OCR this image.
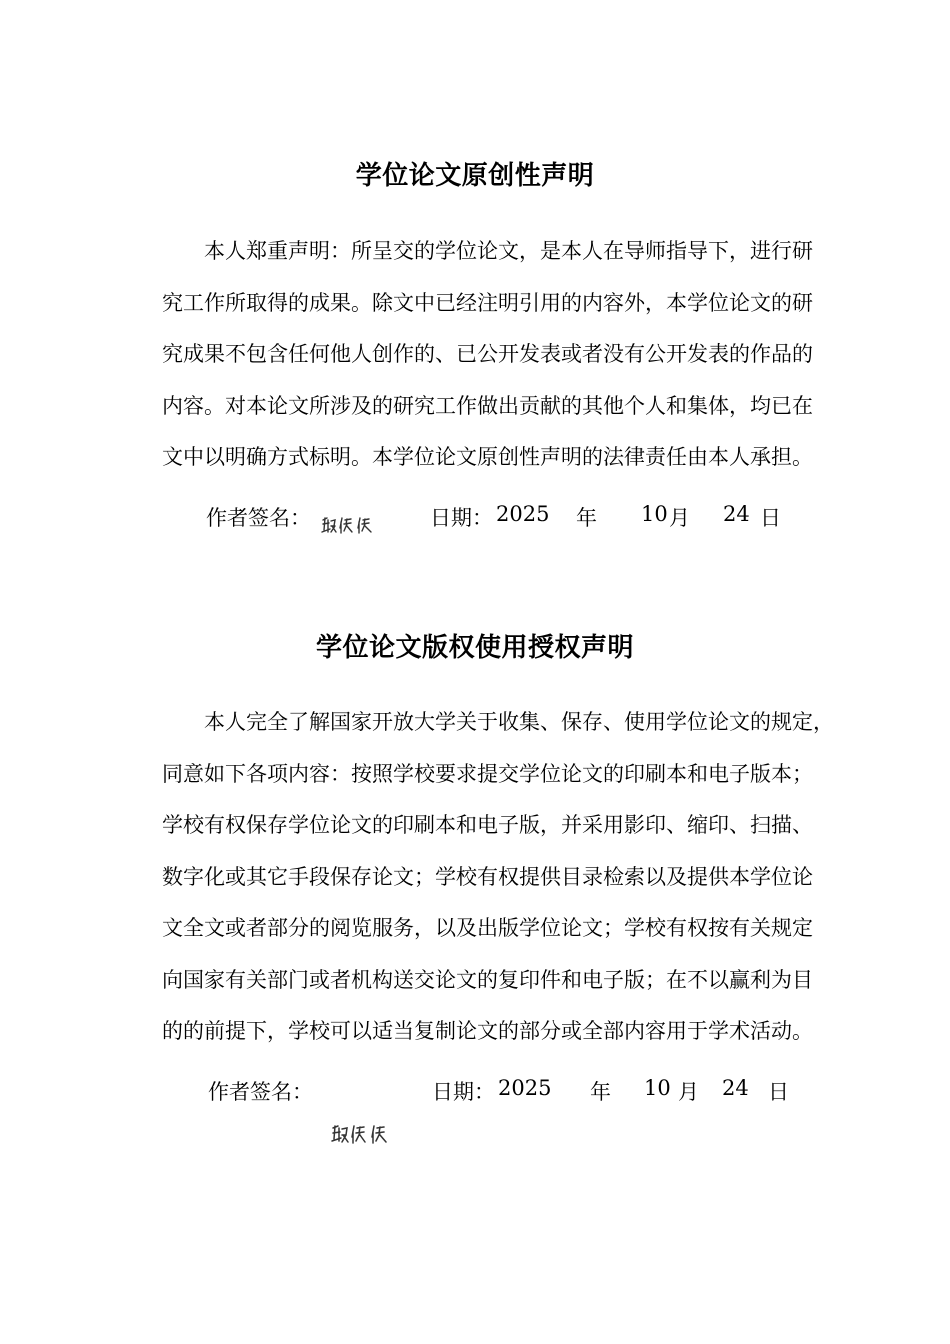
学位论文原创性声明
本人郑重声明：所呈交的学位论文，是本人在导师指导下，进行研
究工作所取得的成果。除文中已经注明引用的内容外，本学位论文的研
究成果不包含任何他人创作的、已公开发表或者没有公开发表的作品的
内容。对本论文所涉及的研究工作做出贡献的其他个人和集体，均已在
文中以明确方式标明。本学位论文原创性声明的法律责任由本人承担。
作者签名：	日期： 2025 年 10 月 24 日
学位论文版权使用授权声明
本人完全了解国家开放大学关于收集、保存、使用学位论文的规定，
同意如下各项内容：按照学校要求提交学位论文的印刷本和电子版本；
学校有权保存学位论文的印刷本和电子版，并采用影印、缩印、扫描、
数字化或其它手段保存论文；学校有权提供目录检索以及提供本学位论
文全文或者部分的阅览服务，以及出版学位论文；学校有权按有关规定
向国家有关部门或者机构送交论文的复印件和电子版；在不以赢利为目
的的前提下，学校可以适当复制论文的部分或全部内容用于学术活动。
作者签名：	日期： 2025 年 10 月 24 日
